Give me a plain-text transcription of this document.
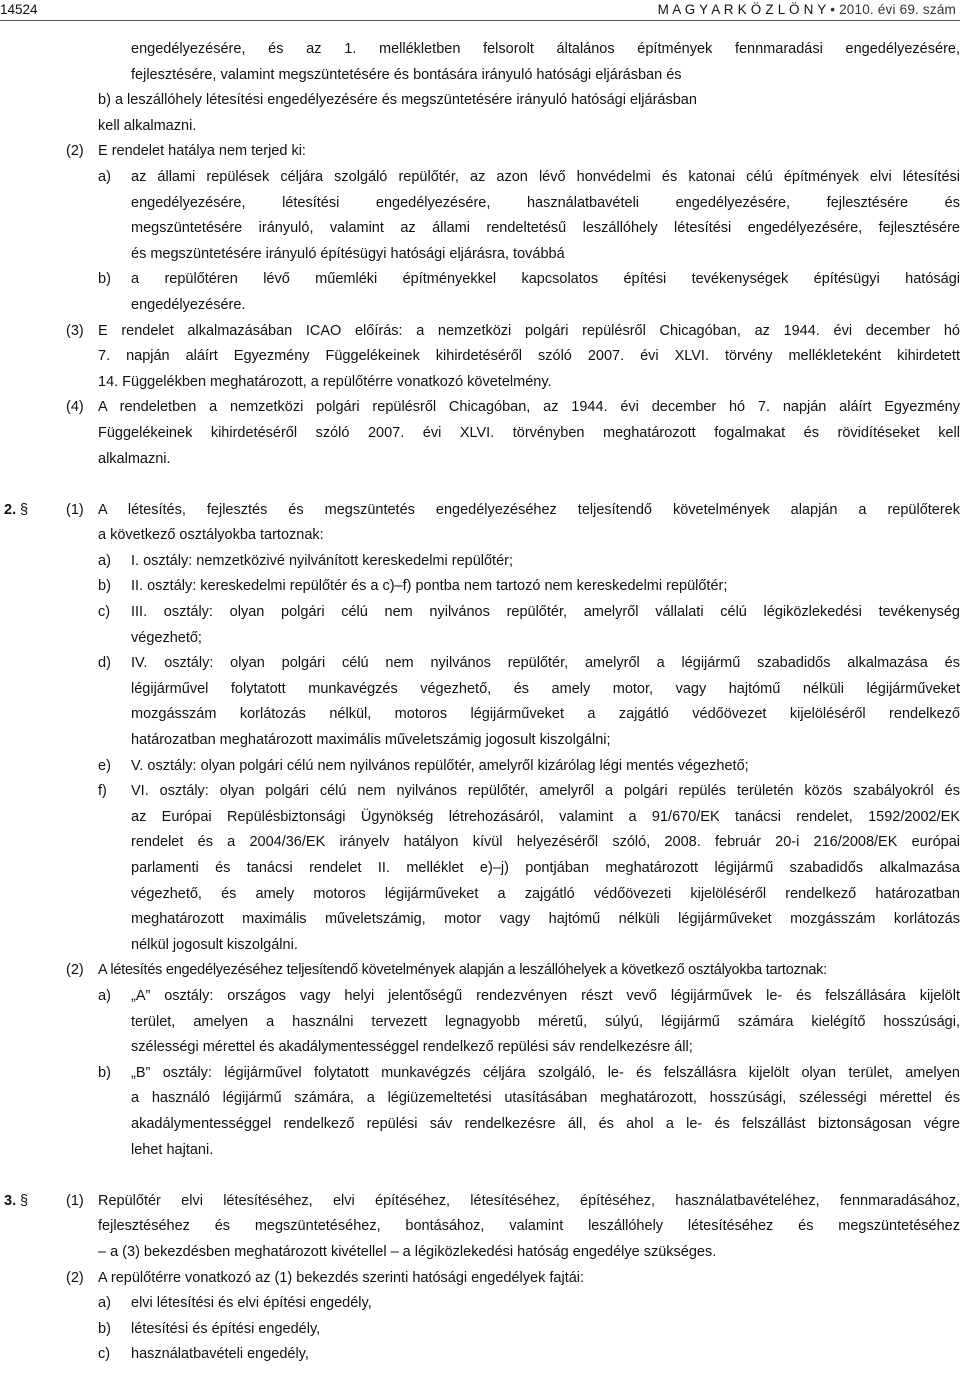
14524	M A G Y A R K Ö Z L Ö N Y • 2010. évi 69. szám
engedélyezésére, és az 1. mellékletben felsorolt általános építmények fennmaradási engedélyezésére,
fejlesztésére, valamint megszüntetésére és bontására irányuló hatósági eljárásban és
b) a leszállóhely létesítési engedélyezésére és megszüntetésére irányuló hatósági eljárásban
kell alkalmazni.
(2) E rendelet hatálya nem terjed ki:
a) az állami repülések céljára szolgáló repülőtér, az azon lévő honvédelmi és katonai célú építmények elvi létesítési
engedélyezésére, létesítési engedélyezésére, használatbavételi engedélyezésére, fejlesztésére és
megszüntetésére irányuló, valamint az állami rendeltetésű leszállóhely létesítési engedélyezésére, fejlesztésére
és megszüntetésére irányuló építésügyi hatósági eljárásra, továbbá
b) a repülőtéren lévő műemléki építményekkel kapcsolatos építési tevékenységek építésügyi hatósági
engedélyezésére.
(3) E rendelet alkalmazásában ICAO előírás: a nemzetközi polgári repülésről Chicagóban, az 1944. évi december hó
7. napján aláírt Egyezmény Függelékeinek kihirdetéséről szóló 2007. évi XLVI. törvény mellékleteként kihirdetett
14. Függelékben meghatározott, a repülőtérre vonatkozó követelmény.
(4) A rendeletben a nemzetközi polgári repülésről Chicagóban, az 1944. évi december hó 7. napján aláírt Egyezmény
Függelékeinek kihirdetéséről szóló 2007. évi XLVI. törvényben meghatározott fogalmakat és rövidítéseket kell
alkalmazni.
2. §	(1) A létesítés, fejlesztés és megszüntetés engedélyezéséhez teljesítendő követelmények alapján a repülőterek
a következő osztályokba tartoznak:
a) I. osztály: nemzetközivé nyilvánított kereskedelmi repülőtér;
b) II. osztály: kereskedelmi repülőtér és a c)–f) pontba nem tartozó nem kereskedelmi repülőtér;
c) III. osztály: olyan polgári célú nem nyilvános repülőtér, amelyről vállalati célú légiközlekedési tevékenység
végezhető;
d) IV. osztály: olyan polgári célú nem nyilvános repülőtér, amelyről a légijármű szabadidős alkalmazása és
légijárművel folytatott munkavégzés végezhető, és amely motor, vagy hajtómű nélküli légijárműveket
mozgásszám korlátozás nélkül, motoros légijárműveket a zajgátló védőövezet kijelöléséről rendelkező
határozatban meghatározott maximális műveletszámig jogosult kiszolgálni;
e) V. osztály: olyan polgári célú nem nyilvános repülőtér, amelyről kizárólag légi mentés végezhető;
f) VI. osztály: olyan polgári célú nem nyilvános repülőtér, amelyről a polgári repülés területén közös szabályokról és
az Európai Repülésbiztonsági Ügynökség létrehozásáról, valamint a 91/670/EK tanácsi rendelet, 1592/2002/EK
rendelet és a 2004/36/EK irányelv hatályon kívül helyezéséről szóló, 2008. február 20-i 216/2008/EK európai
parlamenti és tanácsi rendelet II. melléklet e)–j) pontjában meghatározott légijármű szabadidős alkalmazása
végezhető, és amely motoros légijárműveket a zajgátló védőövezeti kijelöléséről rendelkező határozatban
meghatározott maximális műveletszámig, motor vagy hajtómű nélküli légijárműveket mozgásszám korlátozás
nélkül jogosult kiszolgálni.
(2) A létesítés engedélyezéséhez teljesítendő követelmények alapján a leszállóhelyek a következő osztályokba tartoznak:
a) „A” osztály: országos vagy helyi jelentőségű rendezvényen részt vevő légijárművek le- és felszállására kijelölt
terület, amelyen a használni tervezett legnagyobb méretű, súlyú, légijármű számára kielégítő hosszúsági,
szélességi mérettel és akadálymentességgel rendelkező repülési sáv rendelkezésre áll;
b) „B” osztály: légijárművel folytatott munkavégzés céljára szolgáló, le- és felszállásra kijelölt olyan terület, amelyen
a használó légijármű számára, a légiüzemeltetési utasításában meghatározott, hosszúsági, szélességi mérettel és
akadálymentességgel rendelkező repülési sáv rendelkezésre áll, és ahol a le- és felszállást biztonságosan végre
lehet hajtani.
3. §	(1) Repülőtér elvi létesítéséhez, elvi építéséhez, létesítéséhez, építéséhez, használatbavételéhez, fennmaradásához,
fejlesztéséhez és megszüntetéséhez, bontásához, valamint leszállóhely létesítéséhez és megszüntetéséhez
– a (3) bekezdésben meghatározott kivétellel – a légiközlekedési hatóság engedélye szükséges.
(2) A repülőtérre vonatkozó az (1) bekezdés szerinti hatósági engedélyek fajtái:
a) elvi létesítési és elvi építési engedély,
b) létesítési és építési engedély,
c) használatbavételi engedély,
